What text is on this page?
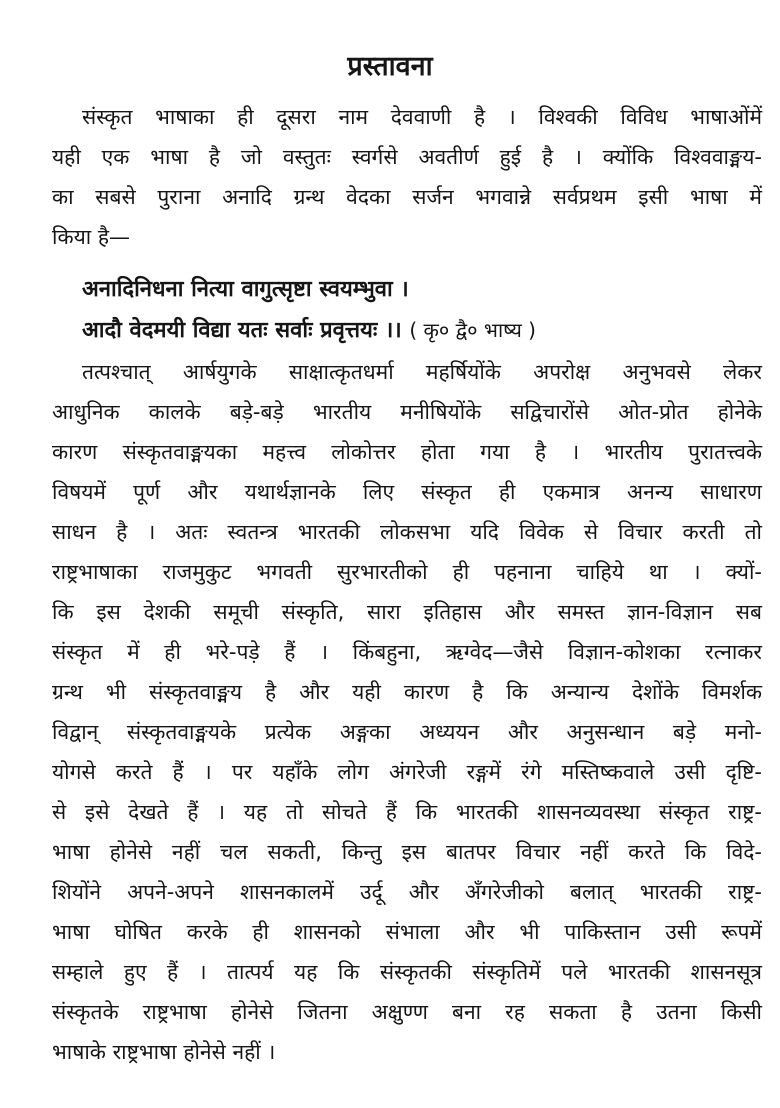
प्रस्तावना
अनादिनिधना नित्या वागुत्सृष्टा स्वयम्भुवा ।
आदौ वेदमयी विद्या यतः सर्वाः प्रवृत्तयः ।। ( कृ० द्वै० भाष्य )
संस्कृत भाषाका ही दूसरा नाम देववाणी है । विश्वकी विविध भाषाओंमें
यही एक भाषा है जो वस्तुतः स्वर्गसे अवतीर्ण हुई है । क्योंकि विश्ववाङ्मय-
का सबसे पुराना अनादि ग्रन्थ वेदका सर्जन भगवान्ने सर्वप्रथम इसी भाषा में
किया है—
तत्पश्चात् आर्षयुगके साक्षात्कृतधर्मा महर्षियोंके अपरोक्ष अनुभवसे लेकर
आधुनिक कालके बड़े-बड़े भारतीय मनीषियोंके सद्विचारोंसे ओत-प्रोत होनेके
कारण संस्कृतवाङ्मयका महत्त्व लोकोत्तर होता गया है । भारतीय पुरातत्त्वके
विषयमें पूर्ण और यथार्थज्ञानके लिए संस्कृत ही एकमात्र अनन्य साधारण
साधन है । अतः स्वतन्त्र भारतकी लोकसभा यदि विवेक से विचार करती तो
राष्ट्रभाषाका राजमुकुट भगवती सुरभारतीको ही पहनाना चाहिये था । क्यों-
कि इस देशकी समूची संस्कृति, सारा इतिहास और समस्त ज्ञान-विज्ञान सब
संस्कृत में ही भरे-पड़े हैं । किंबहुना, ऋग्वेद—जैसे विज्ञान-कोशका रत्नाकर
ग्रन्थ भी संस्कृतवाङ्मय है और यही कारण है कि अन्यान्य देशोंके विमर्शक
विद्वान् संस्कृतवाङ्मयके प्रत्येक अङ्गका अध्ययन और अनुसन्धान बड़े मनो-
योगसे करते हैं । पर यहाँके लोग अंगरेजी रङ्गमें रंगे मस्तिष्कवाले उसी दृष्टि-
से इसे देखते हैं । यह तो सोचते हैं कि भारतकी शासनव्यवस्था संस्कृत राष्ट्र-
भाषा होनेसे नहीं चल सकती, किन्तु इस बातपर विचार नहीं करते कि विदे-
शियोंने अपने-अपने शासनकालमें उर्दू और अँगरेजीको बलात् भारतकी राष्ट्र-
भाषा घोषित करके ही शासनको संभाला और भी पाकिस्तान उसी रूपमें
सम्हाले हुए हैं । तात्पर्य यह कि संस्कृतकी संस्कृतिमें पले भारतकी शासनसूत्र
संस्कृतके राष्ट्रभाषा होनेसे जितना अक्षुण्ण बना रह सकता है उतना किसी
भाषाके राष्ट्रभाषा होनेसे नहीं ।
